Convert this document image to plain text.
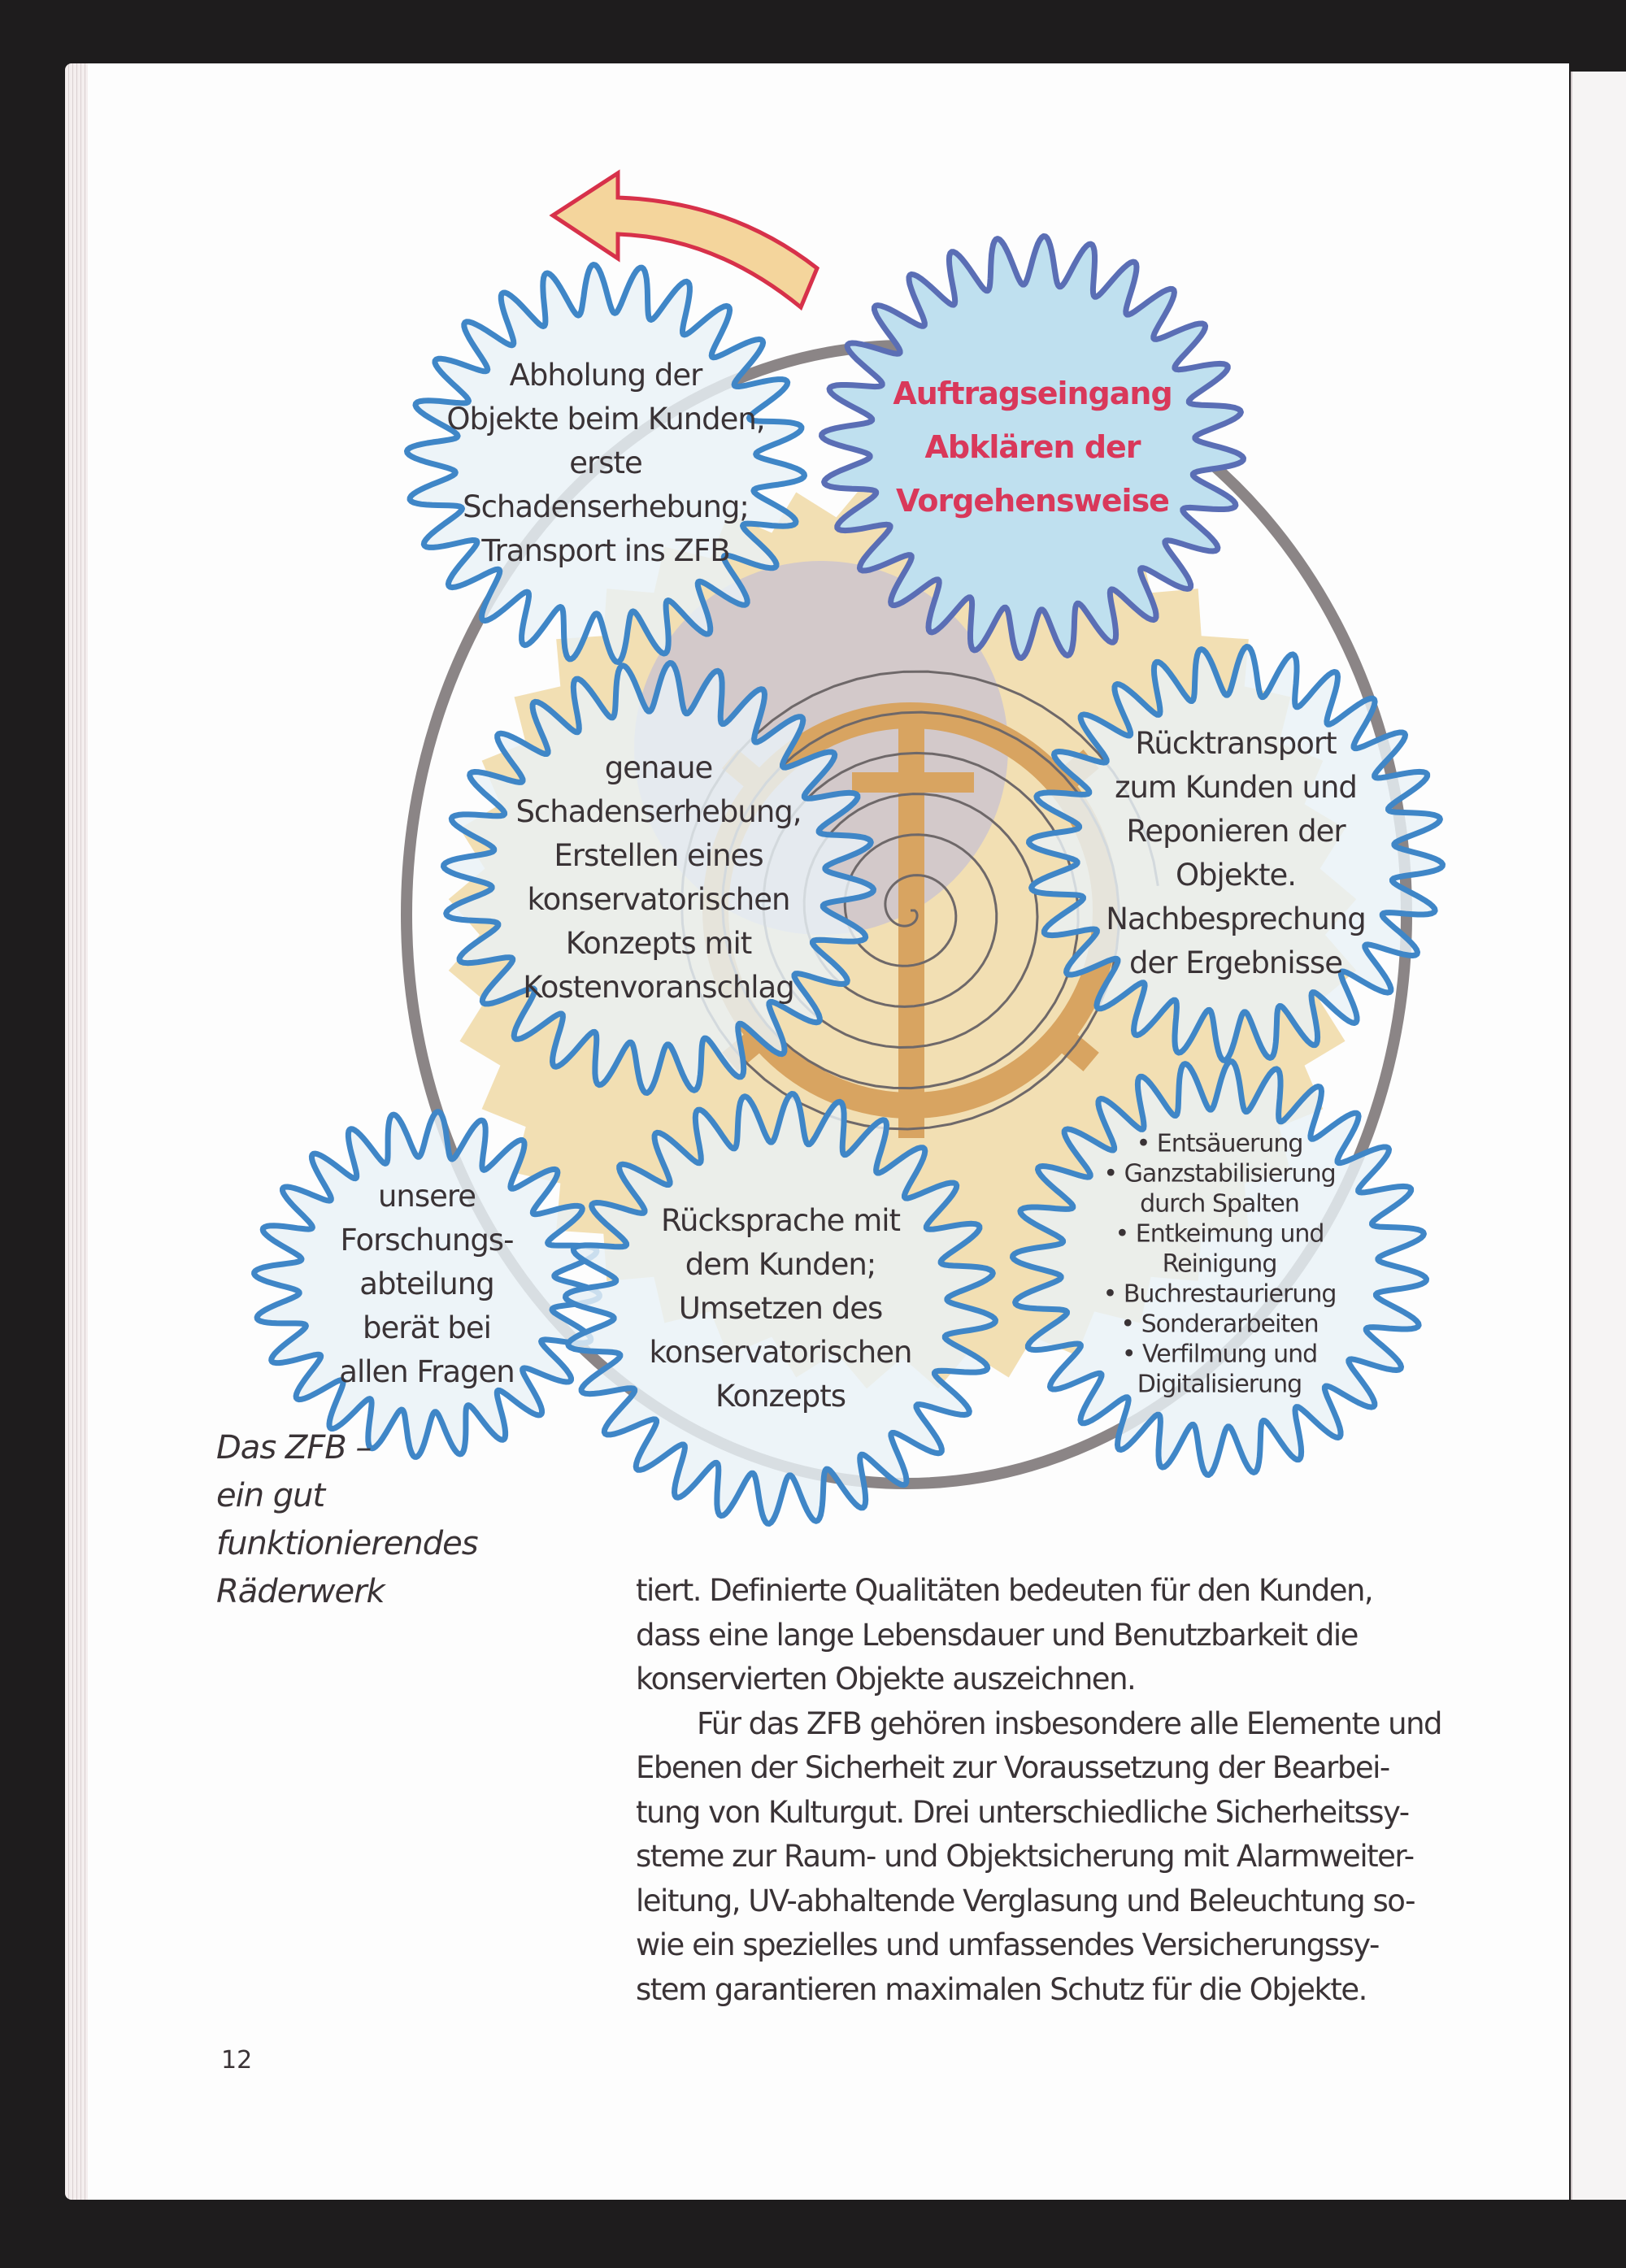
Abholung der
Objekte beim Kunden,
erste
Schadenserhebung;
Transport ins ZFB
Auftragseingang
Abklären der
Vorgehensweise
genaue
Schadenserhebung,
Erstellen eines
konservatorischen
Konzepts mit
Kostenvoranschlag
Rücktransport
zum Kunden und
Reponieren der
Objekte.
Nachbesprechung
der Ergebnisse
unsere
Forschungs-
abteilung
berät bei
allen Fragen
Rücksprache mit
dem Kunden;
Umsetzen des
konservatorischen
Konzepts
• Entsäuerung
• Ganzstabilisierung
durch Spalten
• Entkeimung und
Reinigung
• Buchrestaurierung
• Sonderarbeiten
• Verfilmung und
Digitalisierung
Das ZFB –
ein gut
funktionierendes
Räderwerk	tiert. Definierte Qualitäten bedeuten für den Kunden,
dass eine lange Lebensdauer und Benutzbarkeit die
konservierten Objekte auszeichnen.
Für das ZFB gehören insbesondere alle Elemente und
Ebenen der Sicherheit zur Voraussetzung der Bearbei-
tung von Kulturgut. Drei unterschiedliche Sicherheitssy-
steme zur Raum- und Objektsicherung mit Alarmweiter-
leitung, UV-abhaltende Verglasung und Beleuchtung so-
wie ein spezielles und umfassendes Versicherungssy-
stem garantieren maximalen Schutz für die Objekte.
12
